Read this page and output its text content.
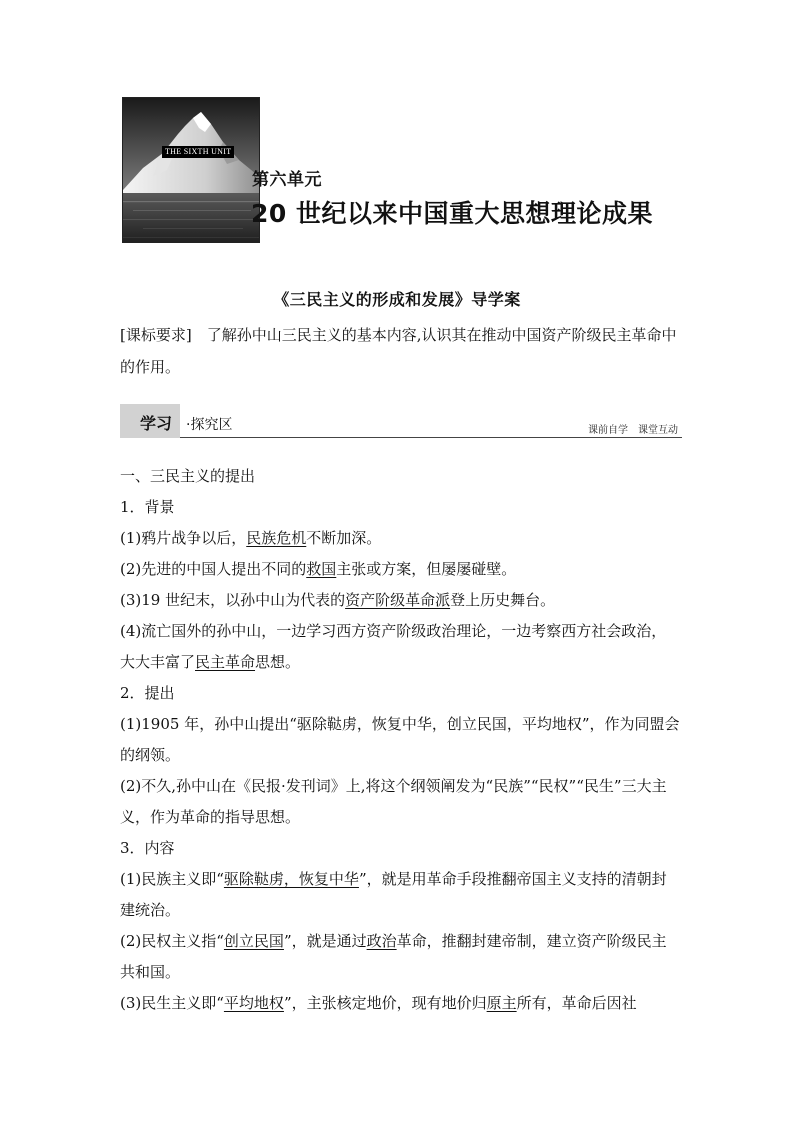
THE SIXTH UNIT
第六单元
20 世纪以来中国重大思想理论成果
《三民主义的形成和发展》导学案
[课标要求]　 了解孙中山三民主义的基本内容,认识其在推动中国资产阶级民主革命中的作用。
学习 ·探究区	课前自学　课堂互动

一、三民主义的提出

1．背景

(1)鸦片战争以后，民族危机不断加深。

(2)先进的中国人提出不同的救国主张或方案，但屡屡碰壁。

(3)19 世纪末，以孙中山为代表的资产阶级革命派登上历史舞台。

(4)流亡国外的孙中山，一边学习西方资产阶级政治理论，一边考察西方社会政治，大大丰富了民主革命思想。

2．提出

(1)1905 年，孙中山提出“驱除鞑虏，恢复中华，创立民国，平均地权”，作为同盟会的纲领。

(2)不久,孙中山在《民报·发刊词》上,将这个纲领阐发为“民族”“民权”“民生”三大主义，作为革命的指导思想。

3．内容

(1)民族主义即“驱除鞑虏，恢复中华”，就是用革命手段推翻帝国主义支持的清朝封建统治。

(2)民权主义指“创立民国”，就是通过政治革命，推翻封建帝制，建立资产阶级民主共和国。

(3)民生主义即“平均地权”，主张核定地价，现有地价归原主所有，革命后因社
